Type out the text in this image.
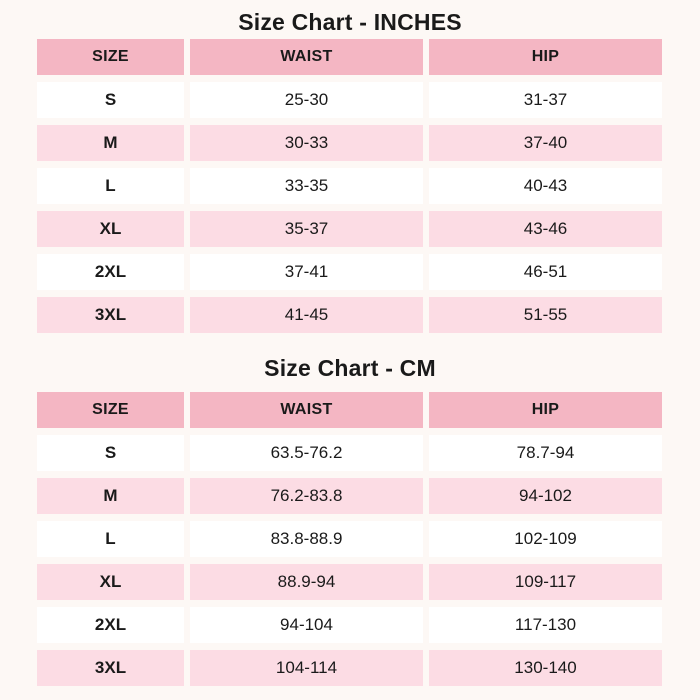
Size Chart - INCHES
SIZE	WAIST	HIP
S	25-30	31-37
M	30-33	37-40
L	33-35	40-43
XL	35-37	43-46
2XL	37-41	46-51
3XL	41-45	51-55
Size Chart - CM
SIZE	WAIST	HIP
S	63.5-76.2	78.7-94
M	76.2-83.8	94-102
L	83.8-88.9	102-109
XL	88.9-94	109-117
2XL	94-104	117-130
3XL	104-114	130-140
